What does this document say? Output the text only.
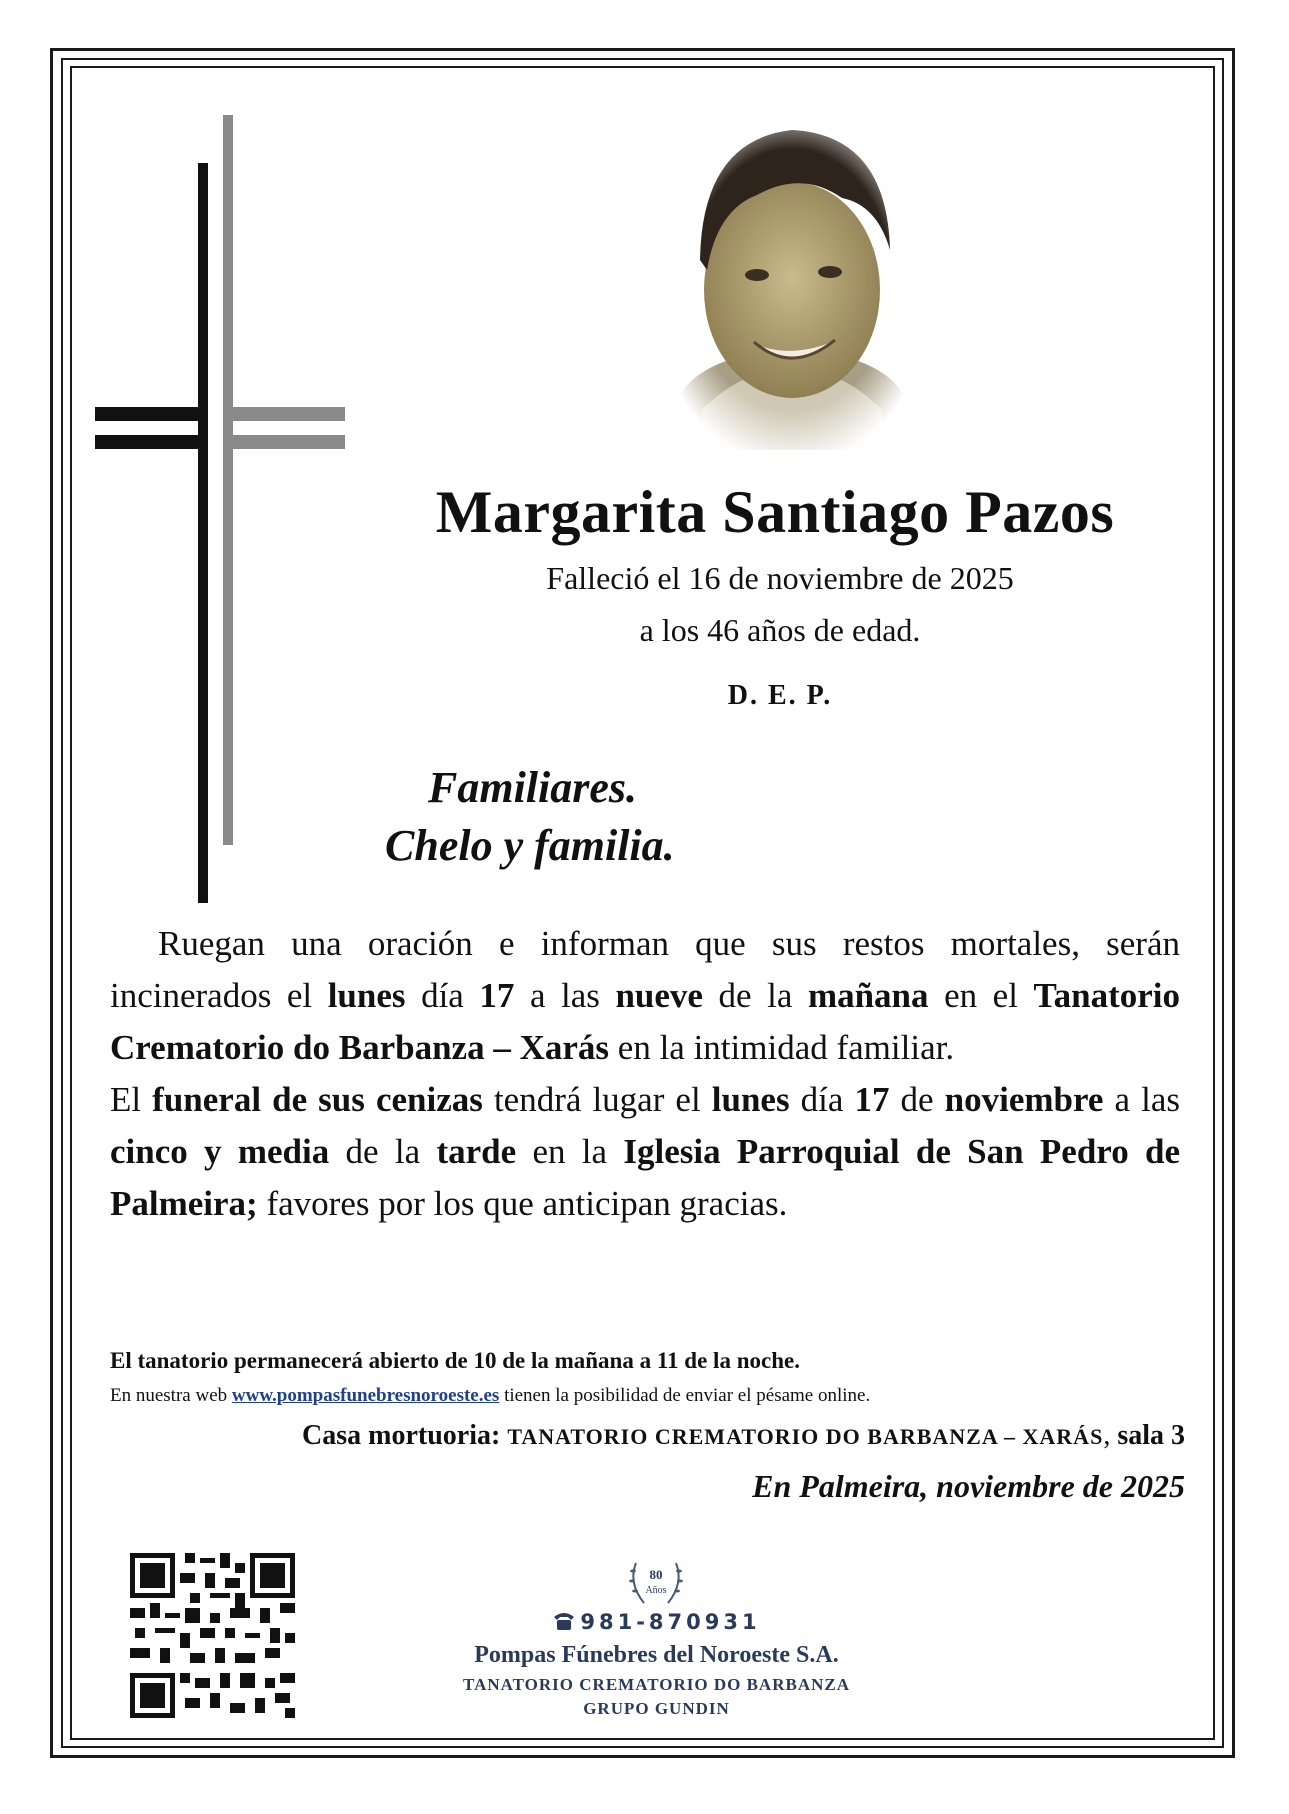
Margarita Santiago Pazos
Falleció el 16 de noviembre de 2025
a los 46 años de edad.
D. E. P.
Familiares.
Chelo y familia.

Ruegan una oración e informan que sus restos mortales, serán incinerados el lunes día 17 a las nueve de la mañana en el Tanatorio Crematorio do Barbanza – Xarás en la intimidad familiar.

El funeral de sus cenizas tendrá lugar el lunes día 17 de noviembre a las cinco y media de la tarde en la Iglesia Parroquial de San Pedro de Palmeira; favores por los que anticipan gracias.

El tanatorio permanecerá abierto de 10 de la mañana a 11 de la noche.
En nuestra web www.pompasfunebresnoroeste.es tienen la posibilidad de enviar el pésame online.
Casa mortuoria: TANATORIO CREMATORIO DO BARBANZA – XARÁS, sala 3
En Palmeira, noviembre de 2025
80
Años
981-870931
Pompas Fúnebres del Noroeste S.A.
TANATORIO CREMATORIO DO BARBANZA
GRUPO GUNDIN
